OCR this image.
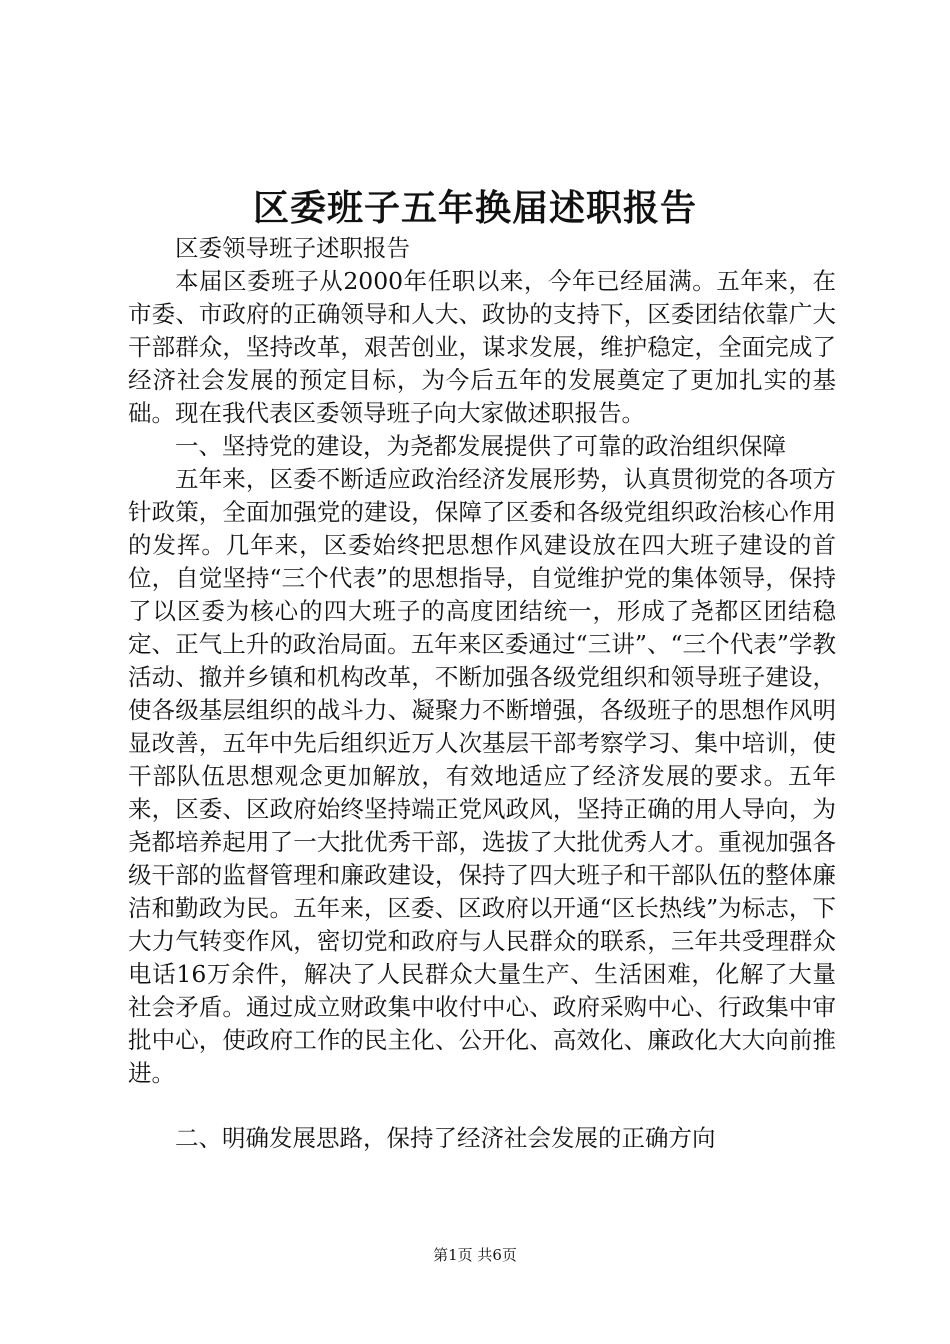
区委班子五年换届述职报告

区委领导班子述职报告

本届区委班子从2000年任职以来，今年已经届满。五年来，在市委、市政府的正确领导和人大、政协的支持下，区委团结依靠广大干部群众，坚持改革，艰苦创业，谋求发展，维护稳定，全面完成了经济社会发展的预定目标，为今后五年的发展奠定了更加扎实的基础。现在我代表区委领导班子向大家做述职报告。

一、坚持党的建设，为尧都发展提供了可靠的政治组织保障

五年来，区委不断适应政治经济发展形势，认真贯彻党的各项方针政策，全面加强党的建设，保障了区委和各级党组织政治核心作用的发挥。几年来，区委始终把思想作风建设放在四大班子建设的首位，自觉坚持“三个代表”的思想指导，自觉维护党的集体领导，保持了以区委为核心的四大班子的高度团结统一，形成了尧都区团结稳定、正气上升的政治局面。五年来区委通过“三讲”、“三个代表”学教活动、撤并乡镇和机构改革，不断加强各级党组织和领导班子建设，使各级基层组织的战斗力、凝聚力不断增强，各级班子的思想作风明显改善，五年中先后组织近万人次基层干部考察学习、集中培训，使干部队伍思想观念更加解放，有效地适应了经济发展的要求。五年来，区委、区政府始终坚持端正党风政风，坚持正确的用人导向，为尧都培养起用了一大批优秀干部，选拔了大批优秀人才。重视加强各级干部的监督管理和廉政建设，保持了四大班子和干部队伍的整体廉洁和勤政为民。五年来，区委、区政府以开通“区长热线”为标志，下大力气转变作风，密切党和政府与人民群众的联系，三年共受理群众电话16万余件，解决了人民群众大量生产、生活困难，化解了大量社会矛盾。通过成立财政集中收付中心、政府采购中心、行政集中审批中心，使政府工作的民主化、公开化、高效化、廉政化大大向前推进。

二、明确发展思路，保持了经济社会发展的正确方向

第1页 共6页
